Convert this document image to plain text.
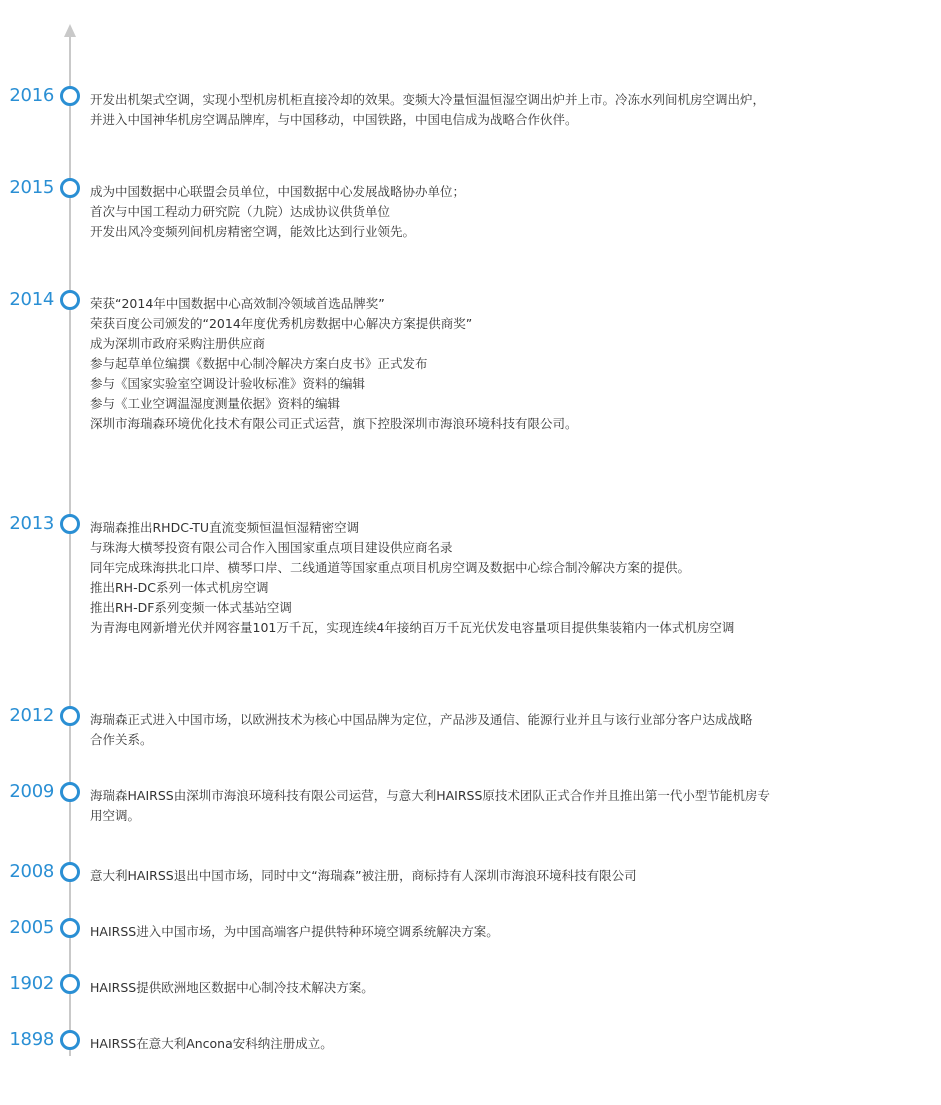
2016	开发出机架式空调，实现小型机房机柜直接冷却的效果。变频大冷量恒温恒湿空调出炉并上市。冷冻水列间机房空调出炉，
并进入中国神华机房空调品牌库，与中国移动，中国铁路，中国电信成为战略合作伙伴。
2015	成为中国数据中心联盟会员单位，中国数据中心发展战略协办单位；
首次与中国工程动力研究院（九院）达成协议供货单位
开发出风冷变频列间机房精密空调，能效比达到行业领先。
2014	荣获“2014年中国数据中心高效制冷领域首选品牌奖”
荣获百度公司颁发的“2014年度优秀机房数据中心解决方案提供商奖”
成为深圳市政府采购注册供应商
参与起草单位编撰《数据中心制冷解决方案白皮书》正式发布
参与《国家实验室空调设计验收标准》资料的编辑
参与《工业空调温湿度测量依据》资料的编辑
深圳市海瑞森环境优化技术有限公司正式运营，旗下控股深圳市海浪环境科技有限公司。
2013	海瑞森推出RHDC-TU直流变频恒温恒湿精密空调
与珠海大横琴投资有限公司合作入围国家重点项目建设供应商名录
同年完成珠海拱北口岸、横琴口岸、二线通道等国家重点项目机房空调及数据中心综合制冷解决方案的提供。
推出RH-DC系列一体式机房空调
推出RH-DF系列变频一体式基站空调
为青海电网新增光伏并网容量101万千瓦，实现连续4年接纳百万千瓦光伏发电容量项目提供集装箱内一体式机房空调
2012	海瑞森正式进入中国市场，以欧洲技术为核心中国品牌为定位，产品涉及通信、能源行业并且与该行业部分客户达成战略
合作关系。
2009	海瑞森HAIRSS由深圳市海浪环境科技有限公司运营，与意大利HAIRSS原技术团队正式合作并且推出第一代小型节能机房专
用空调。
2008	意大利HAIRSS退出中国市场，同时中文“海瑞森”被注册，商标持有人深圳市海浪环境科技有限公司
2005	HAIRSS进入中国市场，为中国高端客户提供特种环境空调系统解决方案。
1902	HAIRSS提供欧洲地区数据中心制冷技术解决方案。
1898	HAIRSS在意大利Ancona安科纳注册成立。
